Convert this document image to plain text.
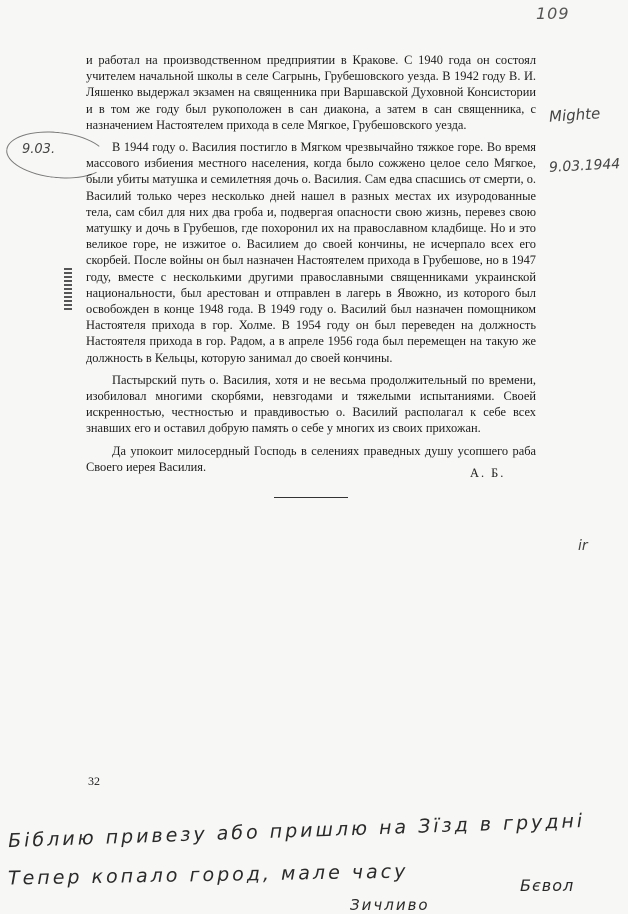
109
9.03.
Mighte
9.03.1944
ir

и работал на производственном предприятии в Кракове. С 1940 года он состоял учителем начальной школы в селе Сагрынь, Грубешовского уезда. В 1942 году В. И. Ляшенко выдержал экзамен на священника при Варшавской Духовной Консистории и в том же году был рукоположен в сан диакона, а затем в сан священника, с назначением Настоятелем прихода в селе Мягкое, Грубешовского уезда.

В 1944 году о. Василия постигло в Мягком чрезвычайно тяжкое горе. Во время массового избиения местного населения, когда было сожжено целое село Мягкое, были убиты матушка и семилетняя дочь о. Василия. Сам едва спасшись от смерти, о. Василий только через несколько дней нашел в разных местах их изуродованные тела, сам сбил для них два гроба и, подвергая опасности свою жизнь, перевез свою матушку и дочь в Грубешов, где похоронил их на православном кладбище. Но и это великое горе, не изжитое о. Василием до своей кончины, не исчерпало всех его скорбей. После войны он был назначен Настоятелем прихода в Грубешове, но в 1947 году, вместе с несколькими другими православными священниками украинской национальности, был арестован и отправлен в лагерь в Явожно, из которого был освобожден в конце 1948 года. В 1949 году о. Василий был назначен помощником Настоятеля прихода в гор. Холме. В 1954 году он был переведен на должность Настоятеля прихода в гор. Радом, а в апреле 1956 года был перемещен на такую же должность в Кельцы, которую занимал до своей кончины.

Пастырский путь о. Василия, хотя и не весьма продолжительный по времени, изобиловал многими скорбями, невзгодами и тяжелыми испытаниями. Своей искренностью, честностью и правдивостью о. Василий располагал к себе всех знавших его и оставил добрую память о себе у многих из своих прихожан.

Да упокоит милосердный Господь в селениях праведных душу усопшего раба Своего иерея Василия.	А. Б.
32
Біблию привезу або пришлю на Зїзд в грудні
Тепер копало город, мале часу
Зичливо
Бєвол
